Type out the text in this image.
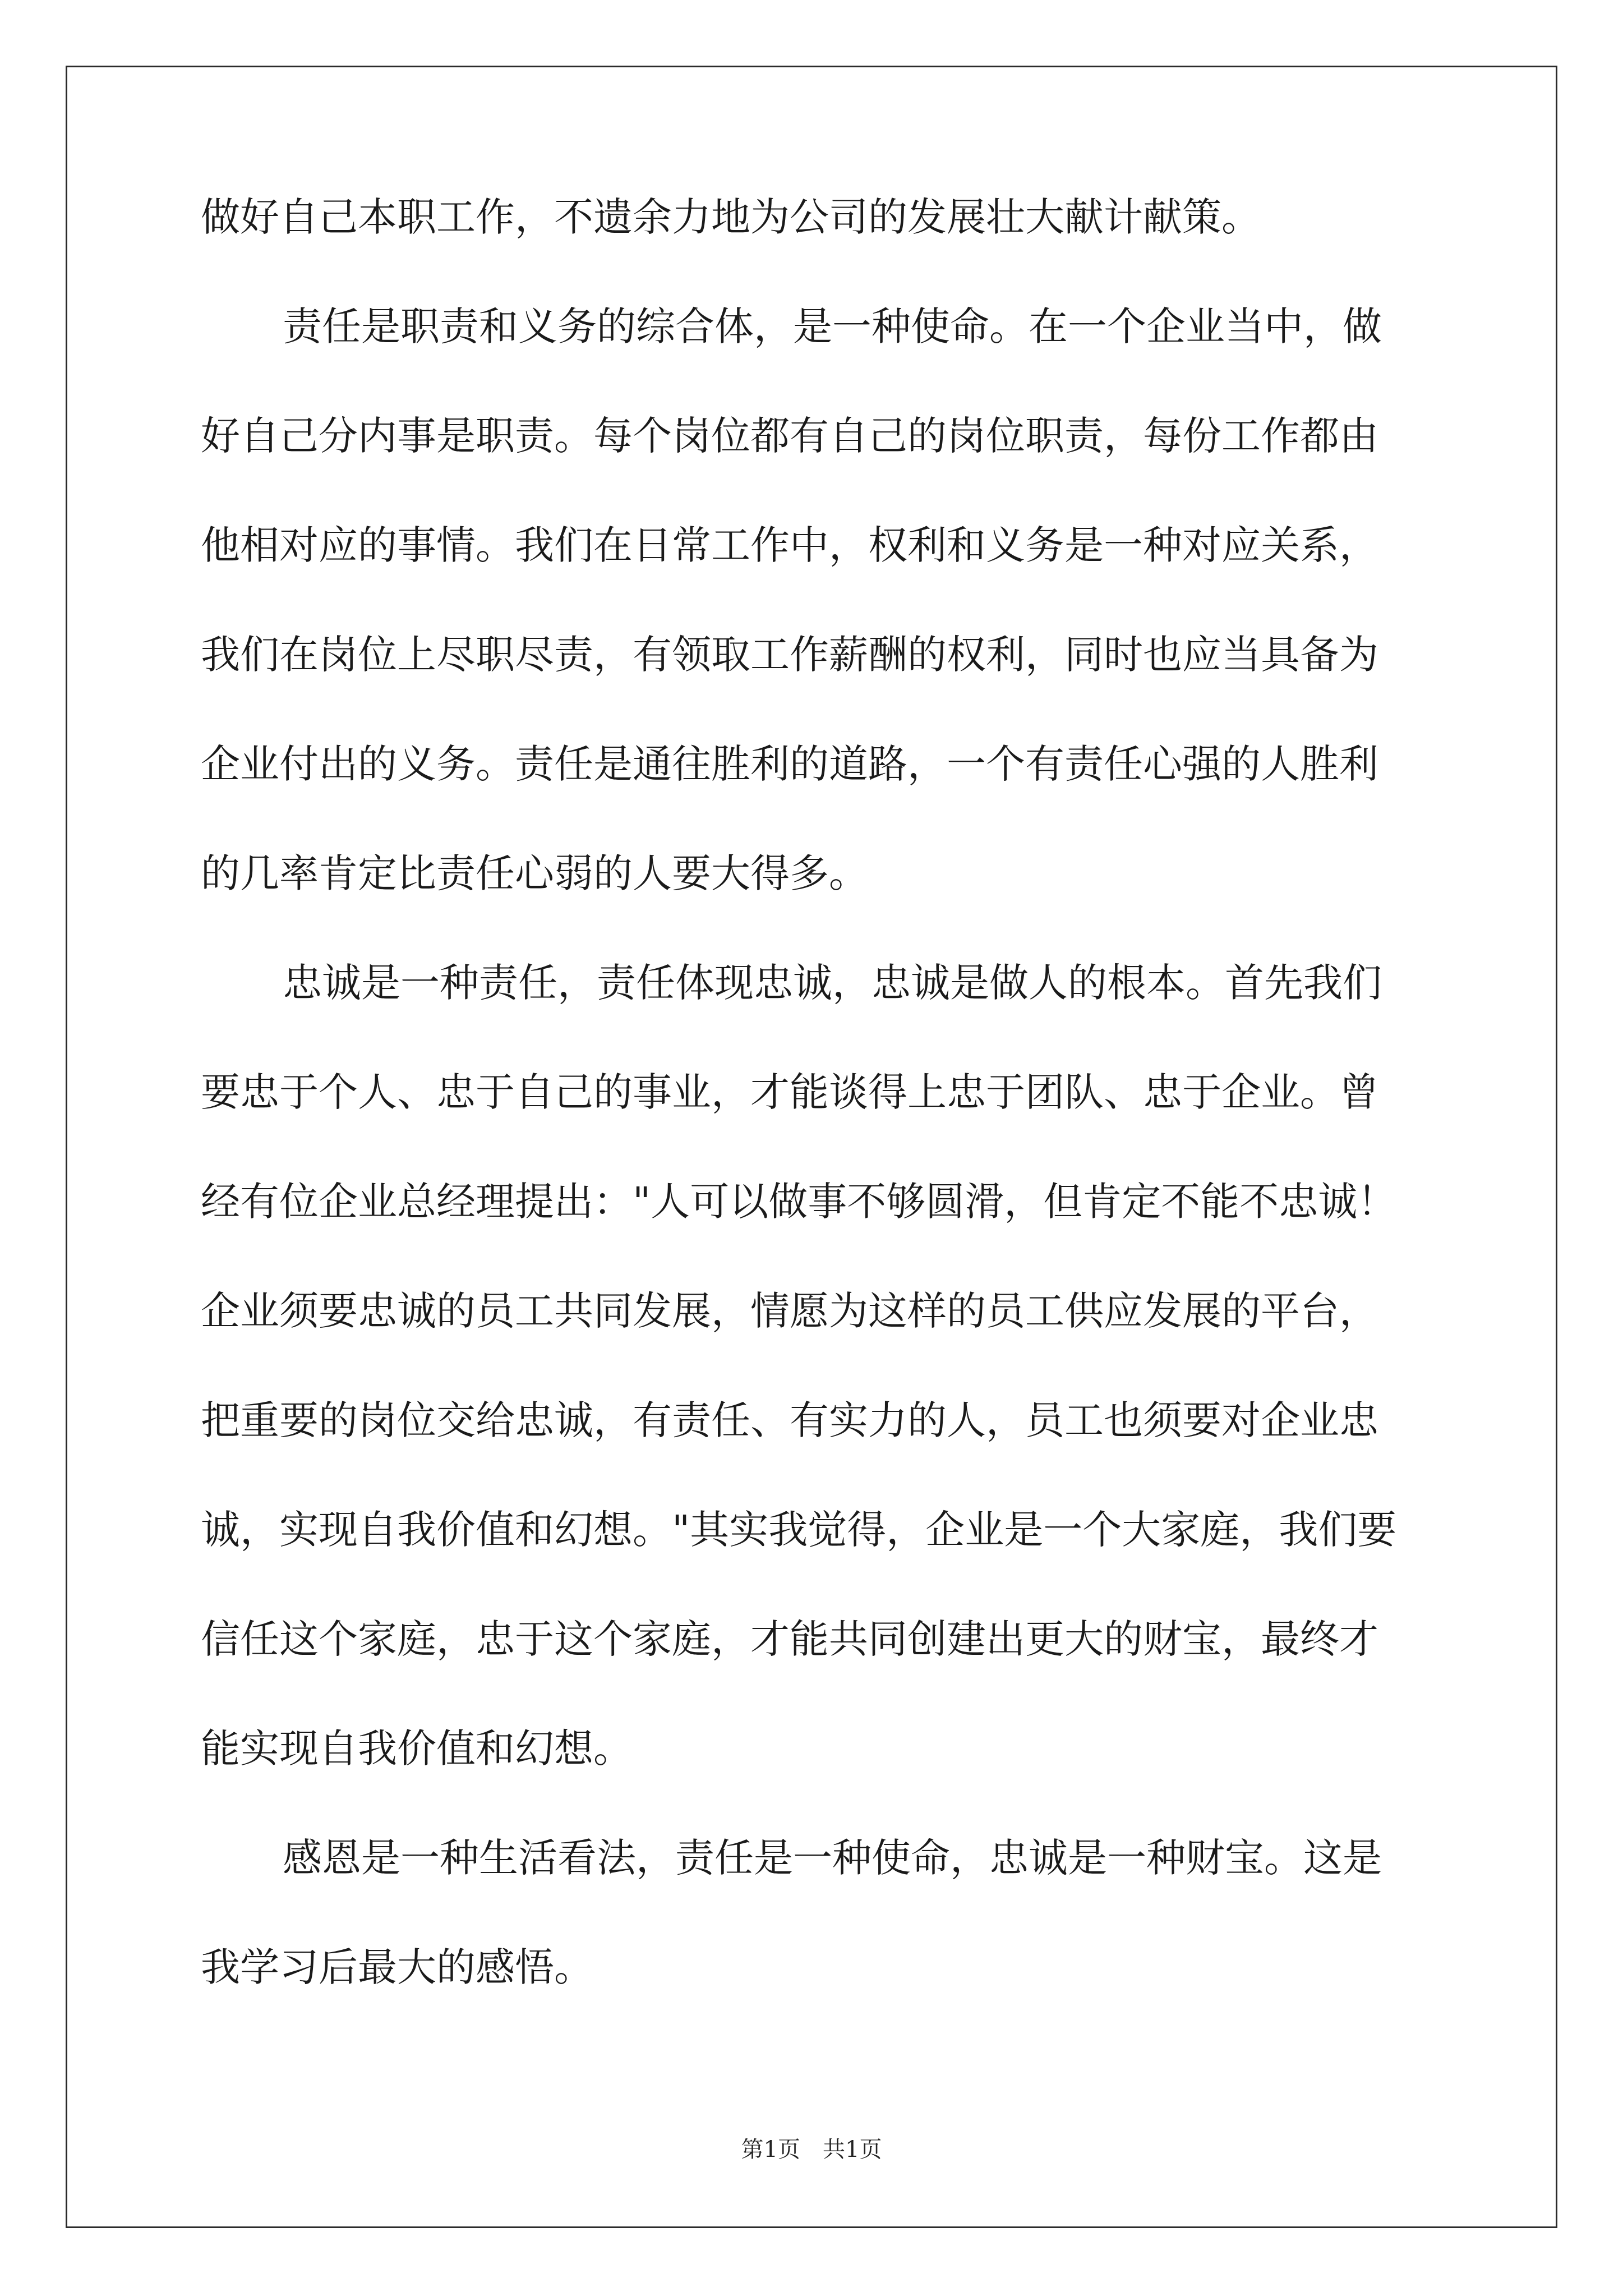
做好自己本职工作，不遗余力地为公司的发展壮大献计献策。
责任是职责和义务的综合体，是一种使命。在一个企业当中，做
好自己分内事是职责。每个岗位都有自己的岗位职责，每份工作都由
他相对应的事情。我们在日常工作中，权利和义务是一种对应关系，
我们在岗位上尽职尽责，有领取工作薪酬的权利，同时也应当具备为
企业付出的义务。责任是通往胜利的道路，一个有责任心强的人胜利
的几率肯定比责任心弱的人要大得多。
忠诚是一种责任，责任体现忠诚，忠诚是做人的根本。首先我们
要忠于个人、忠于自己的事业，才能谈得上忠于团队、忠于企业。曾
经有位企业总经理提出："人可以做事不够圆滑，但肯定不能不忠诚！
企业须要忠诚的员工共同发展，情愿为这样的员工供应发展的平台，
把重要的岗位交给忠诚，有责任、有实力的人，员工也须要对企业忠
诚，实现自我价值和幻想。"其实我觉得，企业是一个大家庭，我们要
信任这个家庭，忠于这个家庭，才能共同创建出更大的财宝，最终才
能实现自我价值和幻想。
感恩是一种生活看法，责任是一种使命，忠诚是一种财宝。这是
我学习后最大的感悟。
第1页　共1页
